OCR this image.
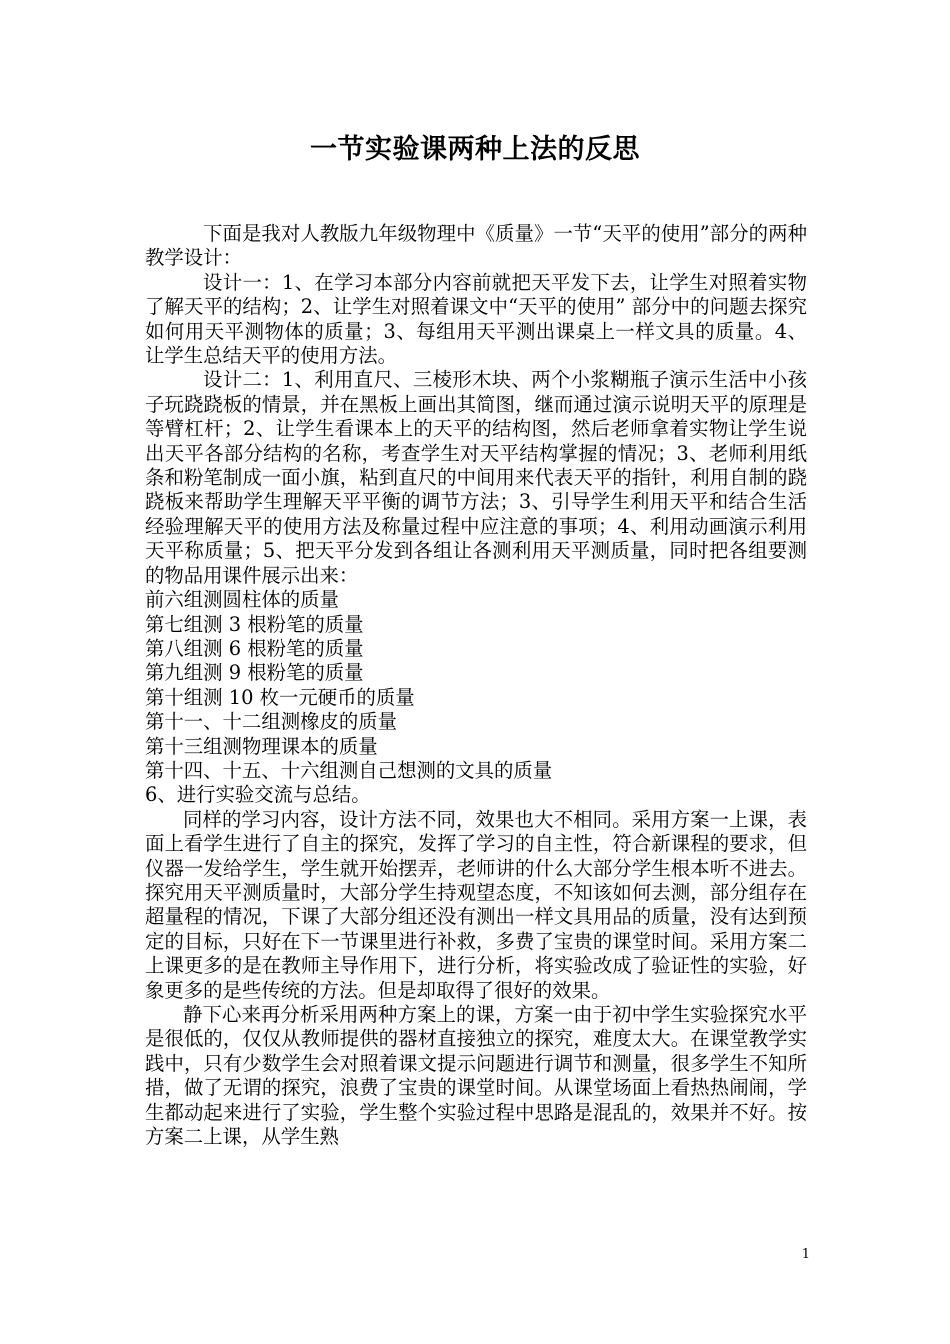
一节实验课两种上法的反思

下面是我对人教版九年级物理中《质量》一节“天平的使用”部分的两种教学设计：

设计一：1、在学习本部分内容前就把天平发下去，让学生对照着实物了解天平的结构；2、让学生对照着课文中“天平的使用” 部分中的问题去探究如何用天平测物体的质量；3、每组用天平测出课桌上一样文具的质量。4、让学生总结天平的使用方法。

设计二：1、利用直尺、三棱形木块、两个小浆糊瓶子演示生活中小孩子玩跷跷板的情景，并在黑板上画出其简图，继而通过演示说明天平的原理是等臂杠杆；2、让学生看课本上的天平的结构图，然后老师拿着实物让学生说出天平各部分结构的名称，考查学生对天平结构掌握的情况；3、老师利用纸条和粉笔制成一面小旗，粘到直尺的中间用来代表天平的指针，利用自制的跷跷板来帮助学生理解天平平衡的调节方法；3、引导学生利用天平和结合生活经验理解天平的使用方法及称量过程中应注意的事项；4、利用动画演示利用天平称质量；5、把天平分发到各组让各测利用天平测质量，同时把各组要测的物品用课件展示出来：

前六组测圆柱体的质量

第七组测 3 根粉笔的质量

第八组测 6 根粉笔的质量

第九组测 9 根粉笔的质量

第十组测 10 枚一元硬币的质量

第十一、十二组测橡皮的质量

第十三组测物理课本的质量

第十四、十五、十六组测自己想测的文具的质量

6、进行实验交流与总结。

同样的学习内容，设计方法不同，效果也大不相同。采用方案一上课，表面上看学生进行了自主的探究，发挥了学习的自主性，符合新课程的要求，但仪器一发给学生，学生就开始摆弄，老师讲的什么大部分学生根本听不进去。探究用天平测质量时，大部分学生持观望态度，不知该如何去测，部分组存在超量程的情况，下课了大部分组还没有测出一样文具用品的质量，没有达到预定的目标，只好在下一节课里进行补救，多费了宝贵的课堂时间。采用方案二上课更多的是在教师主导作用下，进行分析，将实验改成了验证性的实验，好象更多的是些传统的方法。但是却取得了很好的效果。

静下心来再分析采用两种方案上的课，方案一由于初中学生实验探究水平是很低的，仅仅从教师提供的器材直接独立的探究，难度太大。在课堂教学实践中，只有少数学生会对照着课文提示问题进行调节和测量，很多学生不知所措，做了无谓的探究，浪费了宝贵的课堂时间。从课堂场面上看热热闹闹，学生都动起来进行了实验，学生整个实验过程中思路是混乱的，效果并不好。按方案二上课，从学生熟

1
